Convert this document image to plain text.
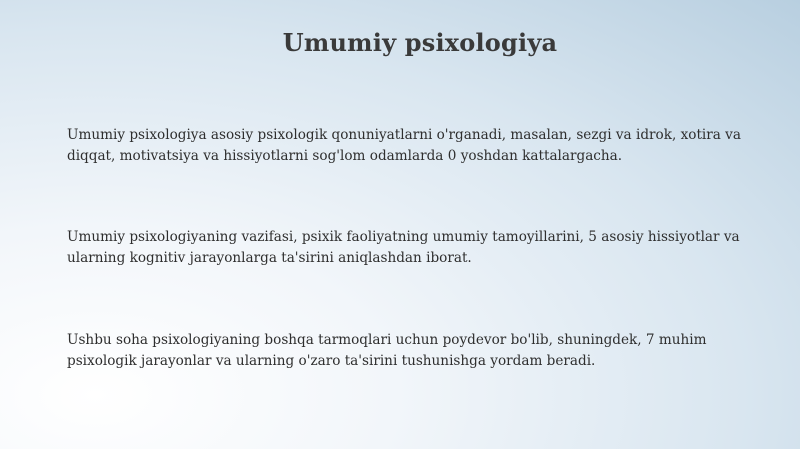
Umumiy psixologiya
Umumiy psixologiya asosiy psixologik qonuniyatlarni o'rganadi, masalan, sezgi va idrok, xotira va diqqat, motivatsiya va hissiyotlarni sog'lom odamlarda 0 yoshdan kattalargacha.
Umumiy psixologiyaning vazifasi, psixik faoliyatning umumiy tamoyillarini, 5 asosiy hissiyotlar va ularning kognitiv jarayonlarga ta'sirini aniqlashdan iborat.
Ushbu soha psixologiyaning boshqa tarmoqlari uchun poydevor bo'lib, shuningdek, 7 muhim psixologik jarayonlar va ularning o'zaro ta'sirini tushunishga yordam beradi.
